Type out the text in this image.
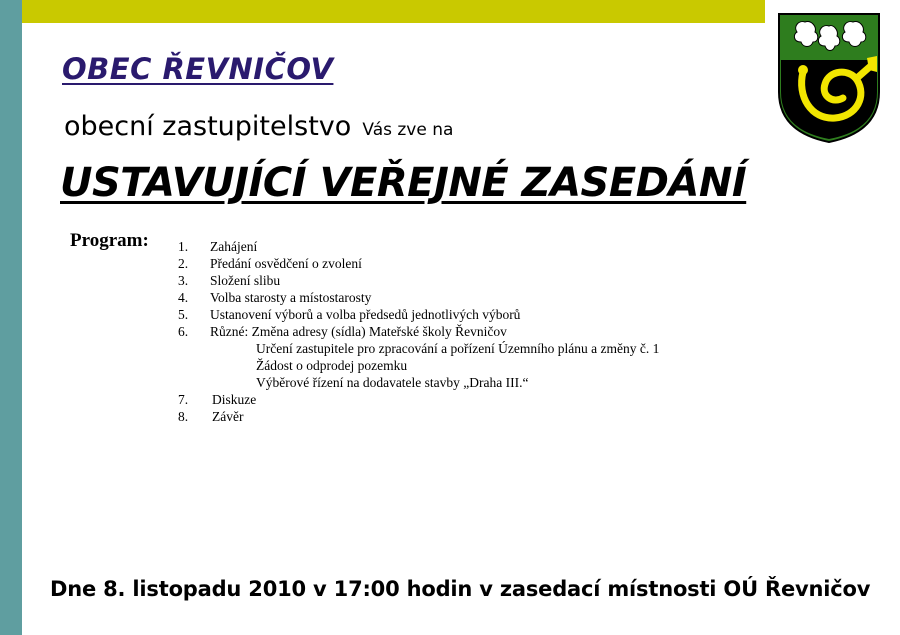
OBEC ŘEVNIČOV
obecní zastupitelstvo Vás zve na
USTAVUJÍCÍ VEŘEJNÉ ZASEDÁNÍ
Program: 1.	Zahájení
2.	Předání osvědčení o zvolení
3.	Složení slibu
4.	Volba starosty a místostarosty
5.	Ustanovení výborů a volba předsedů jednotlivých výborů
6.	Různé: Změna adresy (sídla) Mateřské školy Řevničov
Určení zastupitele pro zpracování a pořízení Územního plánu a změny č. 1
Žádost o odprodej pozemku
Výběrové řízení na dodavatele stavby „Draha III.“
7.	Diskuze
8.	Závěr
Dne 8. listopadu 2010 v 17:00 hodin v zasedací místnosti OÚ Řevničov
